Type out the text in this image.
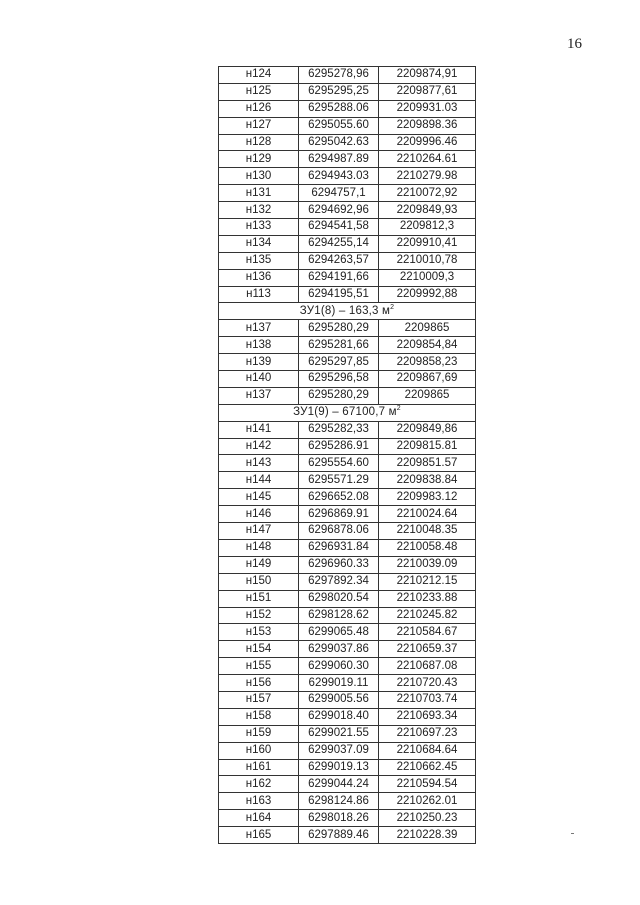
16
н124	6295278,96	2209874,91
н125	6295295,25	2209877,61
н126	6295288.06	2209931.03
н127	6295055.60	2209898.36
н128	6295042.63	2209996.46
н129	6294987.89	2210264.61
н130	6294943.03	2210279.98
н131	6294757,1	2210072,92
н132	6294692,96	2209849,93
н133	6294541,58	2209812,3
н134	6294255,14	2209910,41
н135	6294263,57	2210010,78
н136	6294191,66	2210009,3
н113	6294195,51	2209992,88
ЗУ1(8) – 163,3 $м^2$
н137	6295280,29	2209865
н138	6295281,66	2209854,84
н139	6295297,85	2209858,23
н140	6295296,58	2209867,69
н137	6295280,29	2209865
ЗУ1(9) – 67100,7 $м^2$
н141	6295282,33	2209849,86
н142	6295286.91	2209815.81
н143	6295554.60	2209851.57
н144	6295571.29	2209838.84
н145	6296652.08	2209983.12
н146	6296869.91	2210024.64
н147	6296878.06	2210048.35
н148	6296931.84	2210058.48
н149	6296960.33	2210039.09
н150	6297892.34	2210212.15
н151	6298020.54	2210233.88
н152	6298128.62	2210245.82
н153	6299065.48	2210584.67
н154	6299037.86	2210659.37
н155	6299060.30	2210687.08
н156	6299019.11	2210720.43
н157	6299005.56	2210703.74
н158	6299018.40	2210693.34
н159	6299021.55	2210697.23
н160	6299037.09	2210684.64
н161	6299019.13	2210662.45
н162	6299044.24	2210594.54
н163	6298124.86	2210262.01
н164	6298018.26	2210250.23
н165	6297889.46	2210228.39
